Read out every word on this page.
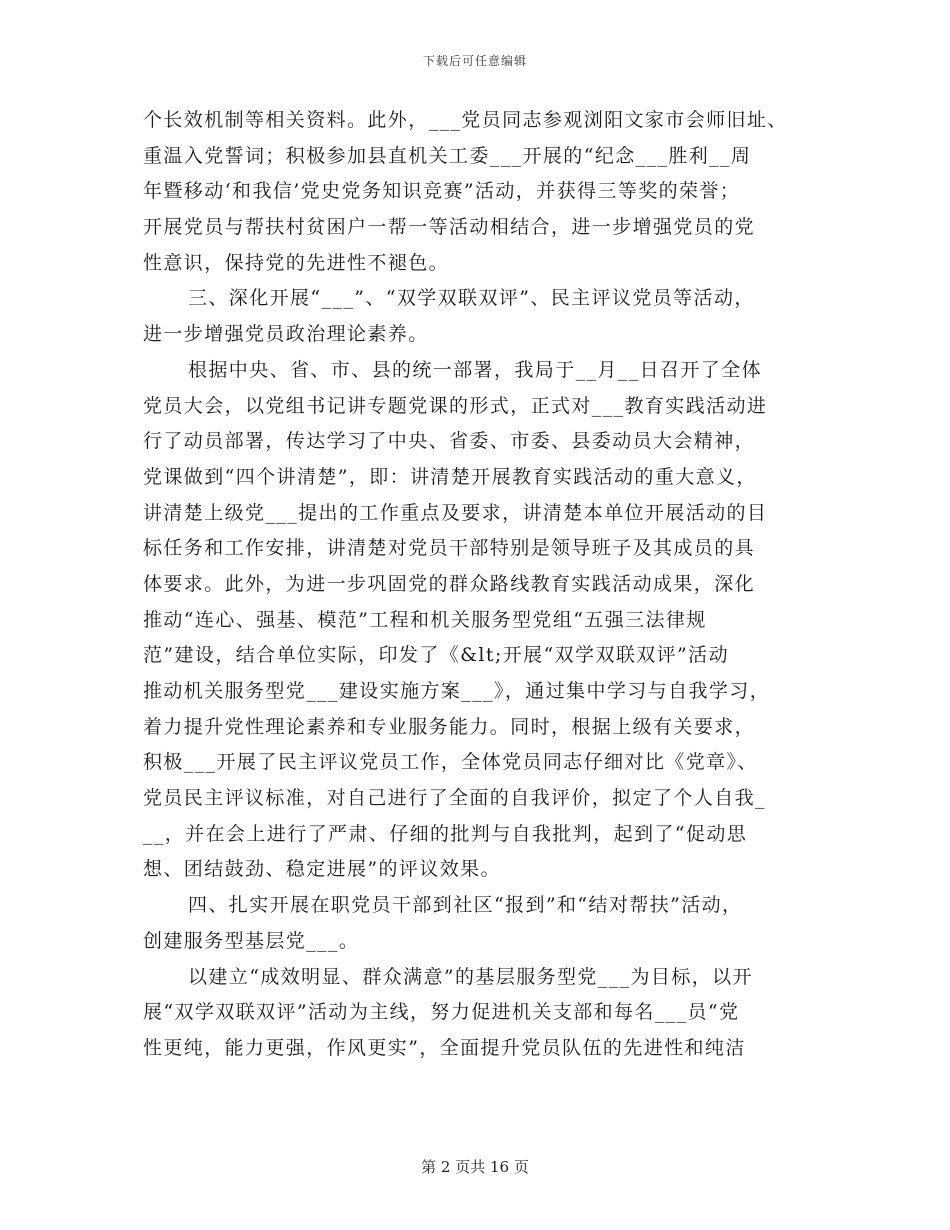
下载后可任意编辑
个长效机制等相关资料。此外，___党员同志参观浏阳文家市会师旧址、
重温入党誓词；积极参加县直机关工委___开展的“纪念___胜利__周
年暨移动‘和我信’党史党务知识竞赛”活动，并获得三等奖的荣誉；
开展党员与帮扶村贫困户一帮一等活动相结合，进一步增强党员的党
性意识，保持党的先进性不褪色。
三、深化开展“___”、“双学双联双评”、民主评议党员等活动，
进一步增强党员政治理论素养。
根据中央、省、市、县的统一部署，我局于__月__日召开了全体
党员大会，以党组书记讲专题党课的形式，正式对___教育实践活动进
行了动员部署，传达学习了中央、省委、市委、县委动员大会精神，
党课做到“四个讲清楚”，即：讲清楚开展教育实践活动的重大意义，
讲清楚上级党___提出的工作重点及要求，讲清楚本单位开展活动的目
标任务和工作安排，讲清楚对党员干部特别是领导班子及其成员的具
体要求。此外，为进一步巩固党的群众路线教育实践活动成果，深化
推动“连心、强基、模范”工程和机关服务型党组“五强三法律规
范”建设，结合单位实际，印发了《&lt;开展“双学双联双评”活动
推动机关服务型党___建设实施方案___》，通过集中学习与自我学习，
着力提升党性理论素养和专业服务能力。同时，根据上级有关要求，
积极___开展了民主评议党员工作，全体党员同志仔细对比《党章》、
党员民主评议标准，对自己进行了全面的自我评价，拟定了个人自我_
__，并在会上进行了严肃、仔细的批判与自我批判，起到了“促动思
想、团结鼓劲、稳定进展”的评议效果。
四、扎实开展在职党员干部到社区“报到”和“结对帮扶”活动，
创建服务型基层党___。
以建立“成效明显、群众满意”的基层服务型党___为目标，以开
展“双学双联双评”活动为主线，努力促进机关支部和每名___员“党
性更纯，能力更强，作风更实”，全面提升党员队伍的先进性和纯洁
第 2 页共 16 页
